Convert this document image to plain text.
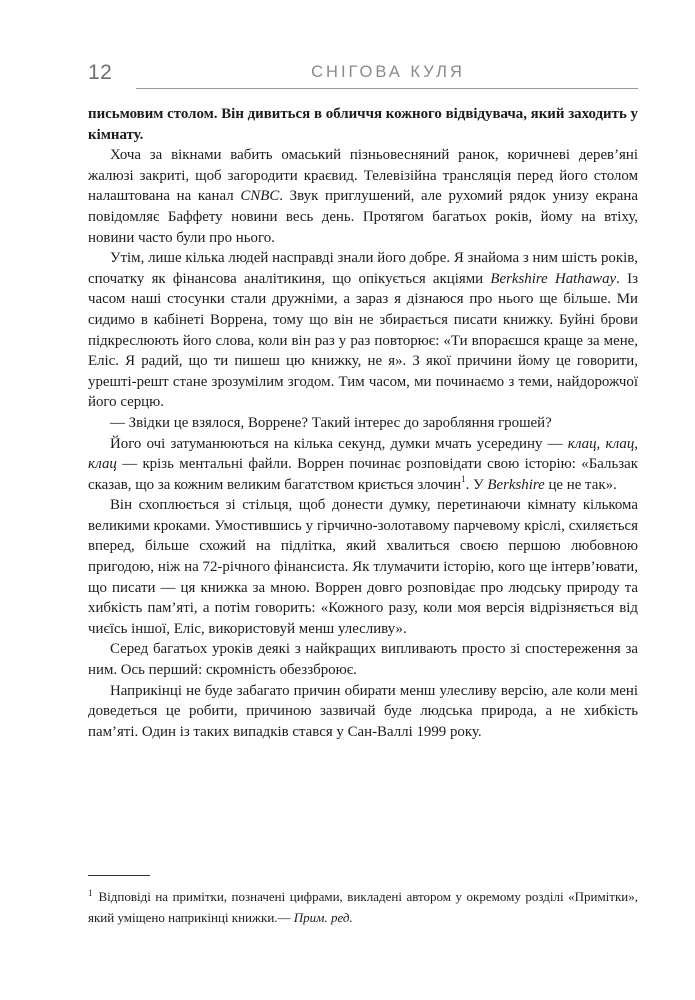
12	СНІГОВА КУЛЯ

письмовим столом. Він дивиться в обличчя кожного відвідувача, який заходить у кімнату.

Хоча за вікнами вабить омаський пізньовесняний ранок, коричневі дерев’яні жалюзі закриті, щоб загородити краєвид. Телевізійна трансляція перед його столом налаштована на канал CNBC. Звук приглушений, але рухомий рядок унизу екрана повідомляє Баффету новини весь день. Протягом багатьох років, йому на втіху, новини часто були про нього.

Утім, лише кілька людей насправді знали його добре. Я знайома з ним шість років, спочатку як фінансова аналітикиня, що опікується акціями Berkshire Hathaway. Із часом наші стосунки стали дружніми, а зараз я дізнаюся про нього ще більше. Ми сидимо в кабінеті Воррена, тому що він не збирається писати книжку. Буйні брови підкреслюють його слова, коли він раз у раз повторює: «Ти впораєшся краще за мене, Еліс. Я радий, що ти пишеш цю книжку, не я». З якої причини йому це говорити, урешті-решт стане зрозумілим згодом. Тим часом, ми починаємо з теми, найдорожчої його серцю.

— Звідки це взялося, Воррене? Такий інтерес до заробляння грошей?

Його очі затуманюються на кілька секунд, думки мчать усередину — клац, клац, клац — крізь ментальні файли. Воррен починає розповідати свою історію: «Бальзак сказав, що за кожним великим багатством криється злочин$^1$. У Berkshire це не так».

Він схоплюється зі стільця, щоб донести думку, перетинаючи кімнату кількома великими кроками. Умостившись у гірчично-золотавому парчевому кріслі, схиляється вперед, більше схожий на підлітка, який хвалиться своєю першою любовною пригодою, ніж на 72-річного фінансиста. Як тлумачити історію, кого ще інтерв’ювати, що писати — ця книжка за мною. Воррен довго розповідає про людську природу та хибкість пам’яті, а потім говорить: «Кожного разу, коли моя версія відрізняється від чиєїсь іншої, Еліс, використовуй менш улесливу».

Серед багатьох уроків деякі з найкращих випливають просто зі спостереження за ним. Ось перший: скромність обеззброює.

Наприкінці не буде забагато причин обирати менш улесливу версію, але коли мені доведеться це робити, причиною зазвичай буде людська природа, а не хибкість пам’яті. Один із таких випадків стався у Сан-Валлі 1999 року.

$^1$ Відповіді на примітки, позначені цифрами, викладені автором у окремому розділі «Примітки», який уміщено наприкінці книжки.— Прим. ред.
